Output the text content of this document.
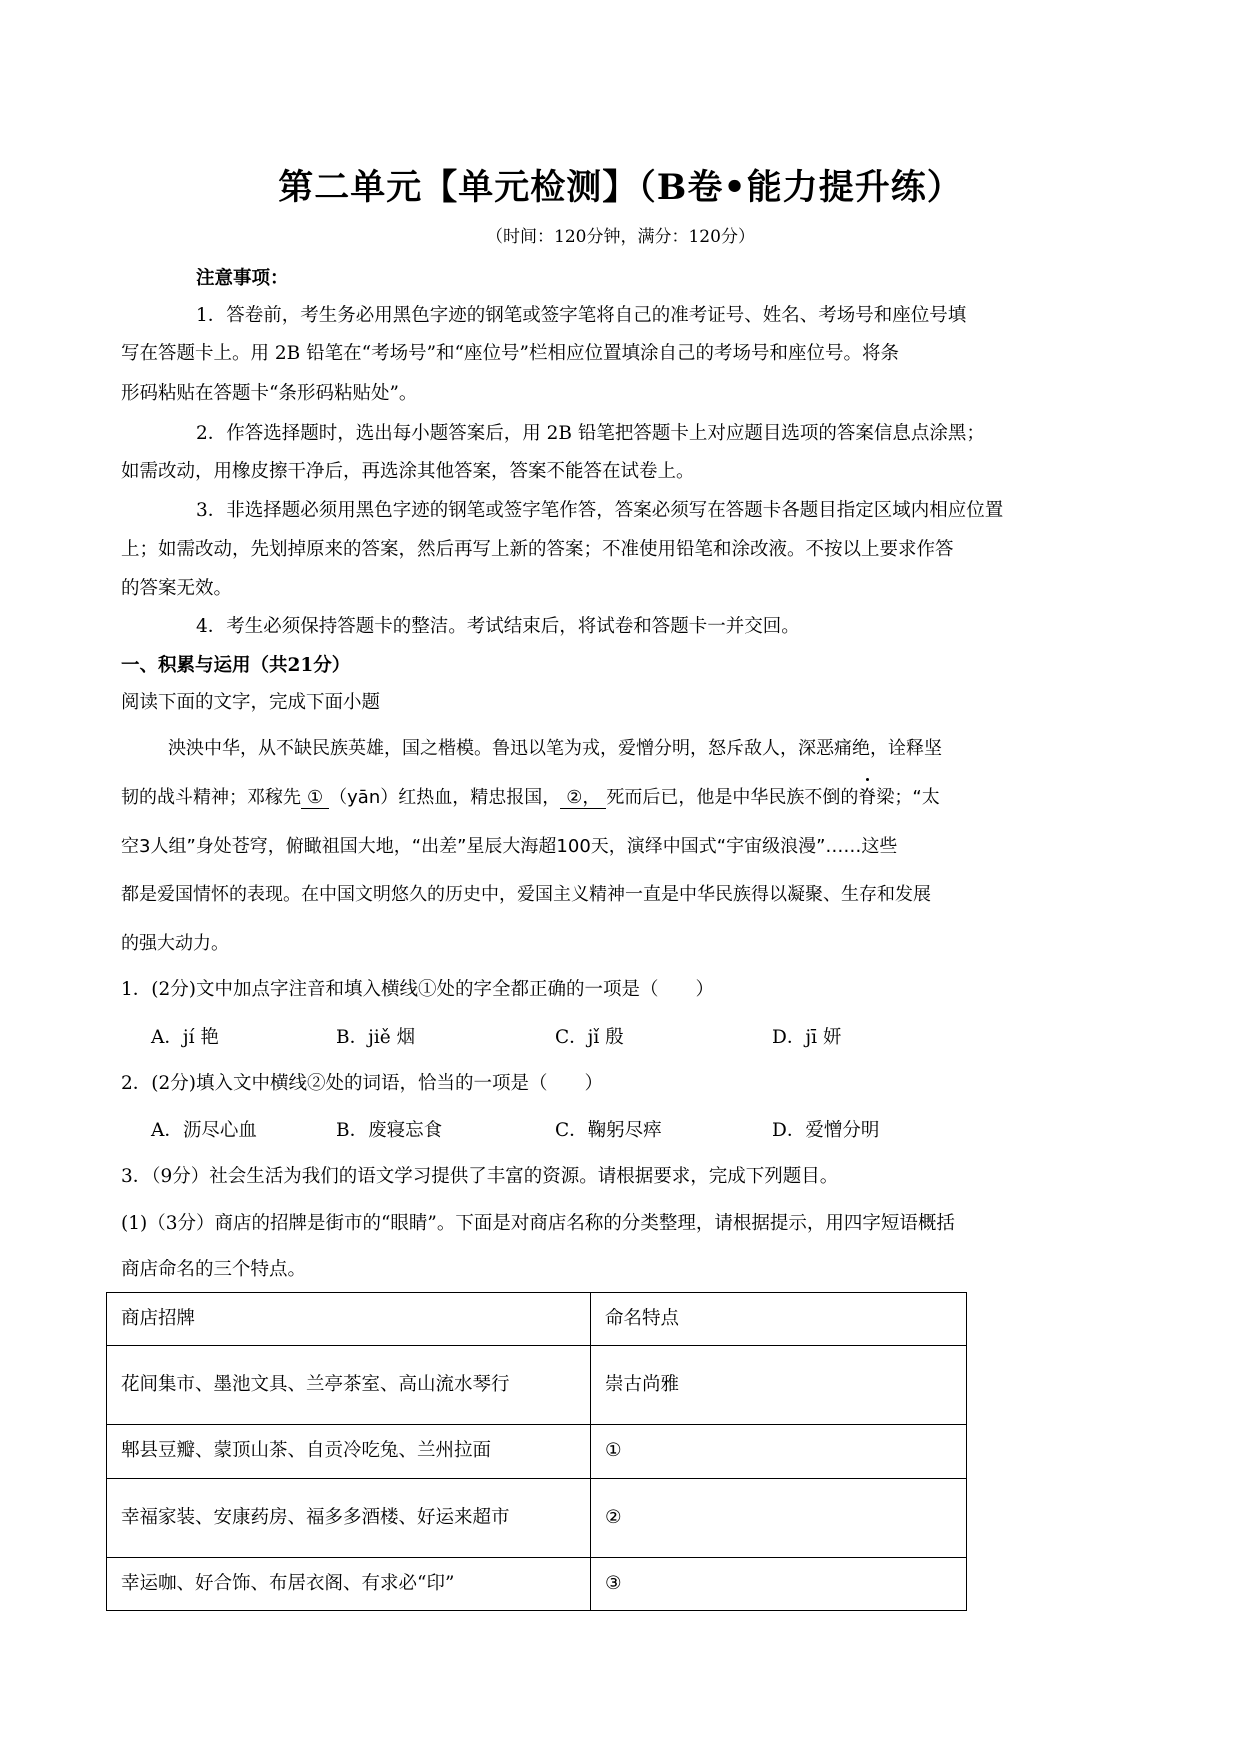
第二单元【单元检测】（B卷•能力提升练）
（时间：120分钟，满分：120分）
注意事项：
1．答卷前，考生务必用黑色字迹的钢笔或签字笔将自己的准考证号、姓名、考场号和座位号填
写在答题卡上。用 2B 铅笔在“考场号”和“座位号”栏相应位置填涂自己的考场号和座位号。将条
形码粘贴在答题卡“条形码粘贴处”。
2．作答选择题时，选出每小题答案后，用 2B 铅笔把答题卡上对应题目选项的答案信息点涂黑；
如需改动，用橡皮擦干净后，再选涂其他答案，答案不能答在试卷上。
3．非选择题必须用黑色字迹的钢笔或签字笔作答，答案必须写在答题卡各题目指定区域内相应位置
上；如需改动，先划掉原来的答案，然后再写上新的答案；不准使用铅笔和涂改液。不按以上要求作答
的答案无效。
4．考生必须保持答题卡的整洁。考试结束后，将试卷和答题卡一并交回。
一、积累与运用（共21分）
阅读下面的文字，完成下面小题
泱泱中华，从不缺民族英雄，国之楷模。鲁迅以笔为戎，爱憎分明，怒斥敌人，深恶痛绝，诠释坚
韧的战斗精神；邓稼先 ① （yān）红热血，精忠报国， ②， 死而后已，他是中华民族不倒的脊梁；“太
空3人组”身处苍穹，俯瞰祖国大地，“出差”星辰大海超100天，演绎中国式“宇宙级浪漫”……这些
都是爱国情怀的表现。在中国文明悠久的历史中，爱国主义精神一直是中华民族得以凝聚、生存和发展
的强大动力。
1．(2分)文中加点字注音和填入横线①处的字全都正确的一项是（　　）
A．jí 艳	B．jiě 烟	C．jǐ 殷	D．jī 妍
2．(2分)填入文中横线②处的词语，恰当的一项是（　　）
A．沥尽心血	B．废寝忘食	C．鞠躬尽瘁	D．爱憎分明
3．（9分）社会生活为我们的语文学习提供了丰富的资源。请根据要求，完成下列题目。
(1)（3分）商店的招牌是街市的“眼睛”。下面是对商店名称的分类整理，请根据提示，用四字短语概括
商店命名的三个特点。
商店招牌	命名特点
花间集市、墨池文具、兰亭茶室、高山流水琴行	崇古尚雅
郫县豆瓣、蒙顶山茶、自贡冷吃兔、兰州拉面	①
幸福家装、安康药房、福多多酒楼、好运来超市	②
幸运咖、好合饰、布居衣阁、有求必“印”	③
